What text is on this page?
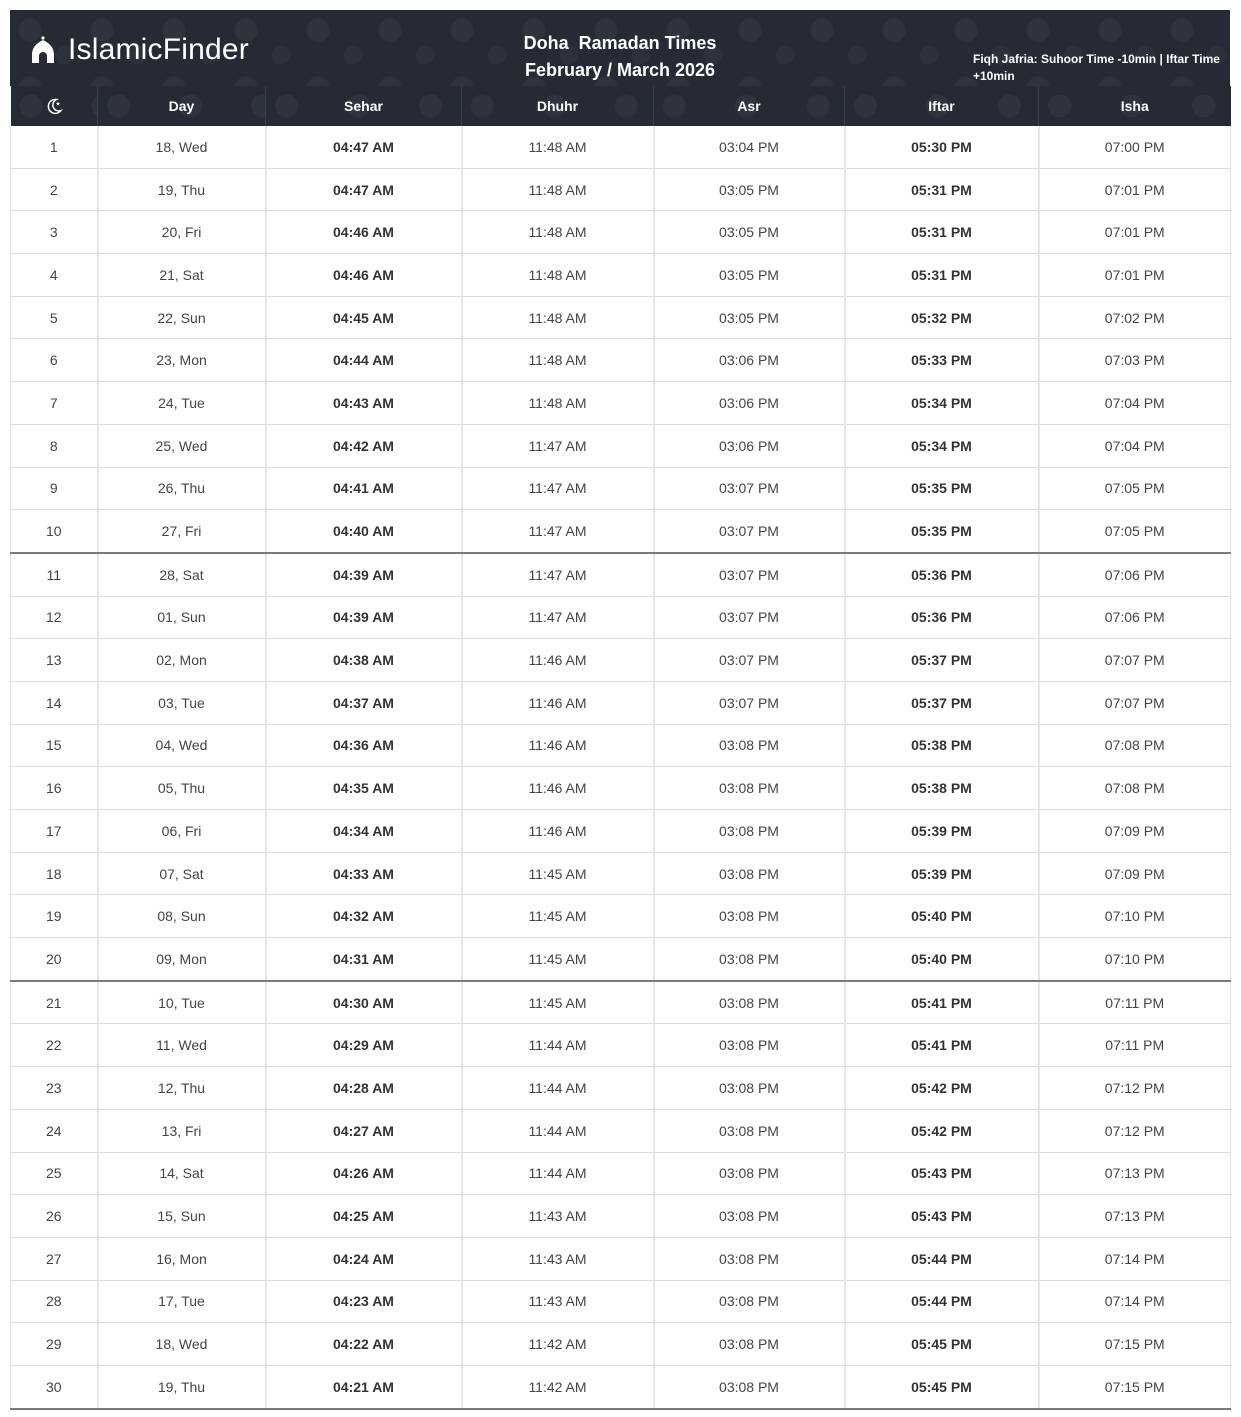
IslamicFinder	Doha  Ramadan Times
February / March 2026
Fiqh Jafria: Suhoor Time -10min | Iftar Time +10min
	Day	Sehar	Dhuhr	Asr	Iftar	Isha
1	18, Wed	04:47 AM	11:48 AM	03:04 PM	05:30 PM	07:00 PM
2	19, Thu	04:47 AM	11:48 AM	03:05 PM	05:31 PM	07:01 PM
3	20, Fri	04:46 AM	11:48 AM	03:05 PM	05:31 PM	07:01 PM
4	21, Sat	04:46 AM	11:48 AM	03:05 PM	05:31 PM	07:01 PM
5	22, Sun	04:45 AM	11:48 AM	03:05 PM	05:32 PM	07:02 PM
6	23, Mon	04:44 AM	11:48 AM	03:06 PM	05:33 PM	07:03 PM
7	24, Tue	04:43 AM	11:48 AM	03:06 PM	05:34 PM	07:04 PM
8	25, Wed	04:42 AM	11:47 AM	03:06 PM	05:34 PM	07:04 PM
9	26, Thu	04:41 AM	11:47 AM	03:07 PM	05:35 PM	07:05 PM
10	27, Fri	04:40 AM	11:47 AM	03:07 PM	05:35 PM	07:05 PM
11	28, Sat	04:39 AM	11:47 AM	03:07 PM	05:36 PM	07:06 PM
12	01, Sun	04:39 AM	11:47 AM	03:07 PM	05:36 PM	07:06 PM
13	02, Mon	04:38 AM	11:46 AM	03:07 PM	05:37 PM	07:07 PM
14	03, Tue	04:37 AM	11:46 AM	03:07 PM	05:37 PM	07:07 PM
15	04, Wed	04:36 AM	11:46 AM	03:08 PM	05:38 PM	07:08 PM
16	05, Thu	04:35 AM	11:46 AM	03:08 PM	05:38 PM	07:08 PM
17	06, Fri	04:34 AM	11:46 AM	03:08 PM	05:39 PM	07:09 PM
18	07, Sat	04:33 AM	11:45 AM	03:08 PM	05:39 PM	07:09 PM
19	08, Sun	04:32 AM	11:45 AM	03:08 PM	05:40 PM	07:10 PM
20	09, Mon	04:31 AM	11:45 AM	03:08 PM	05:40 PM	07:10 PM
21	10, Tue	04:30 AM	11:45 AM	03:08 PM	05:41 PM	07:11 PM
22	11, Wed	04:29 AM	11:44 AM	03:08 PM	05:41 PM	07:11 PM
23	12, Thu	04:28 AM	11:44 AM	03:08 PM	05:42 PM	07:12 PM
24	13, Fri	04:27 AM	11:44 AM	03:08 PM	05:42 PM	07:12 PM
25	14, Sat	04:26 AM	11:44 AM	03:08 PM	05:43 PM	07:13 PM
26	15, Sun	04:25 AM	11:43 AM	03:08 PM	05:43 PM	07:13 PM
27	16, Mon	04:24 AM	11:43 AM	03:08 PM	05:44 PM	07:14 PM
28	17, Tue	04:23 AM	11:43 AM	03:08 PM	05:44 PM	07:14 PM
29	18, Wed	04:22 AM	11:42 AM	03:08 PM	05:45 PM	07:15 PM
30	19, Thu	04:21 AM	11:42 AM	03:08 PM	05:45 PM	07:15 PM
